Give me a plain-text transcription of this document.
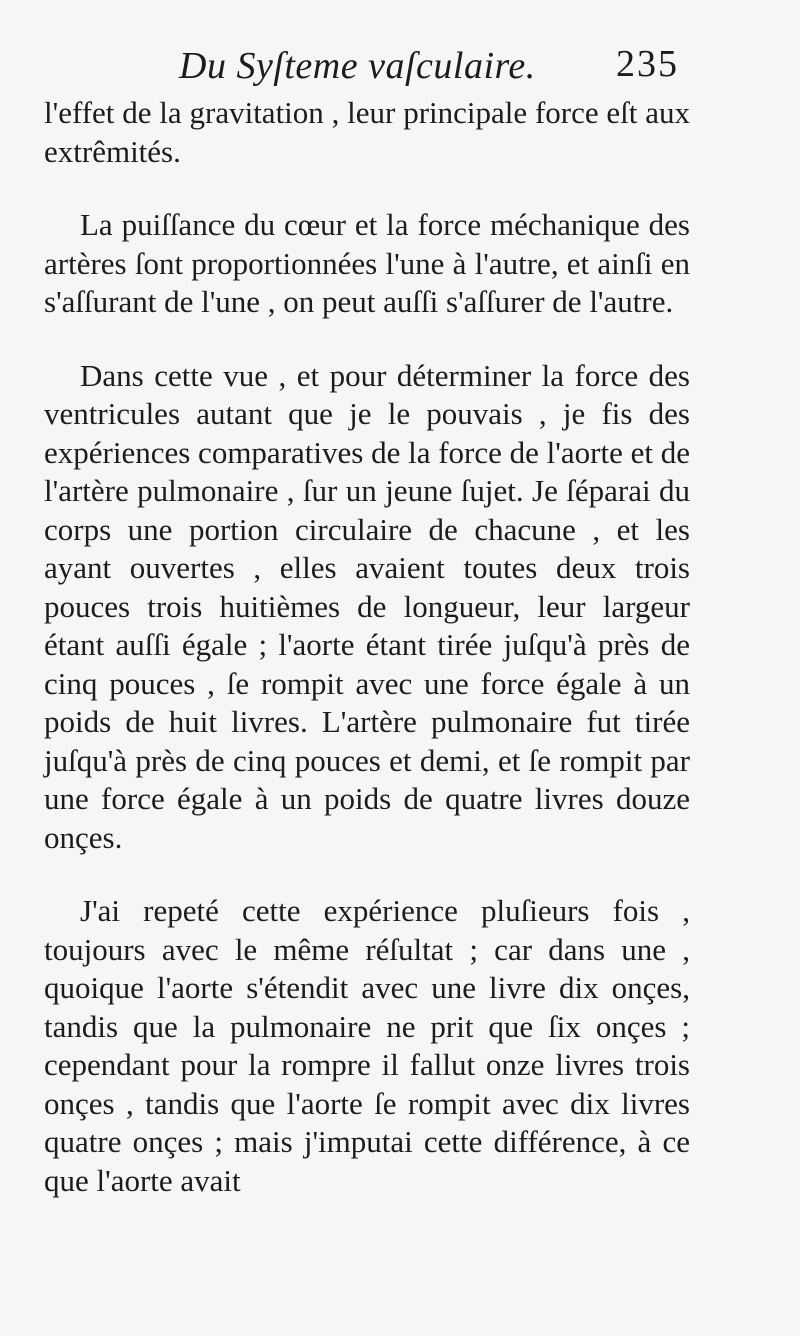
Du Syſteme vaſculaire. 235

l'effet de la gravitation , leur principale force eſt aux extrêmités.

La puiſſance du cœur et la force méchanique des artères ſont proportionnées l'une à l'autre, et ainſi en s'aſſurant de l'une , on peut auſſi s'aſſurer de l'autre.

Dans cette vue , et pour déterminer la force des ventricules autant que je le pouvais , je fis des expériences comparatives de la force de l'aorte et de l'artère pulmonaire , ſur un jeune ſujet. Je ſéparai du corps une portion circulaire de chacune , et les ayant ouvertes , elles avaient toutes deux trois pouces trois huitièmes de longueur, leur largeur étant auſſi égale ; l'aorte étant tirée juſqu'à près de cinq pouces , ſe rompit avec une force égale à un poids de huit livres. L'artère pulmonaire fut tirée juſqu'à près de cinq pouces et demi, et ſe rompit par une force égale à un poids de quatre livres douze onçes.

J'ai repeté cette expérience pluſieurs fois , toujours avec le même réſultat ; car dans une , quoique l'aorte s'étendit avec une livre dix onçes, tandis que la pulmonaire ne prit que ſix onçes ; cependant pour la rompre il fallut onze livres trois onçes , tandis que l'aorte ſe rompit avec dix livres quatre onçes ; mais j'imputai cette différence, à ce que l'aorte avait
